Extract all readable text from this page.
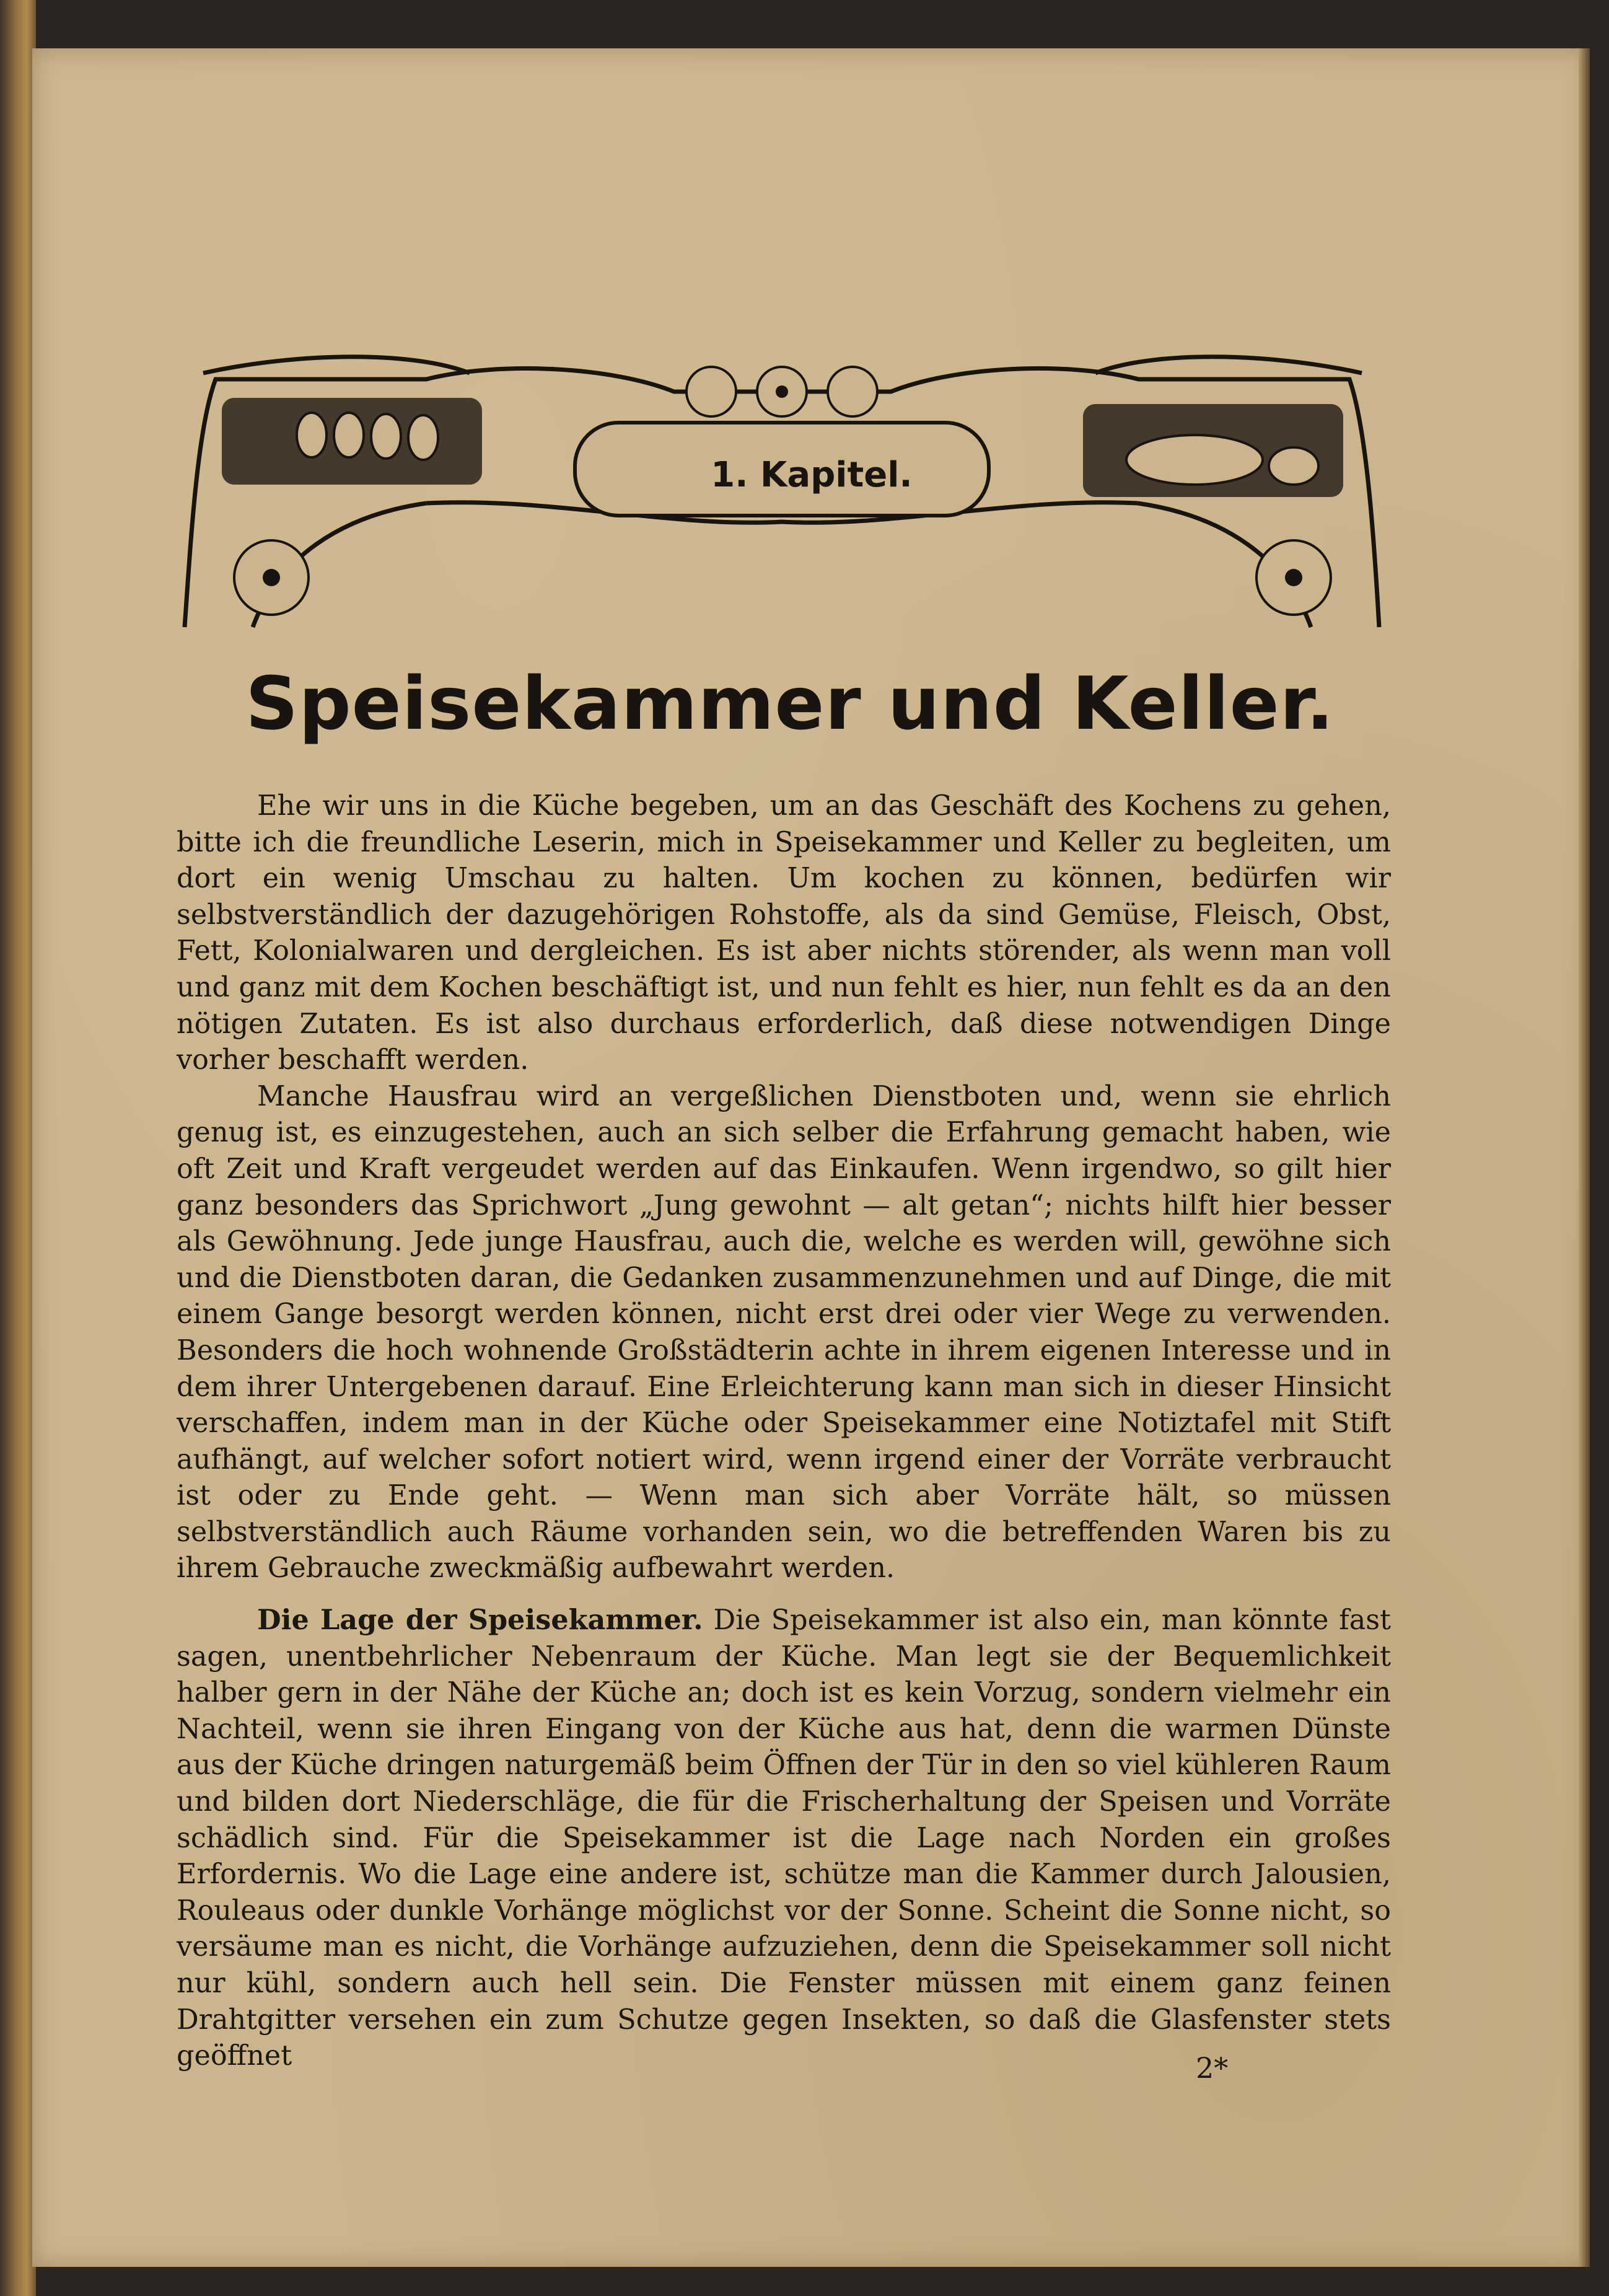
1. Kapitel.
Speisekammer und Keller.

Ehe wir uns in die Küche begeben, um an das Geschäft des Kochens zu gehen, bitte ich die freundliche Leserin, mich in Speisekammer und Keller zu begleiten, um dort ein wenig Umschau zu halten. Um kochen zu können, bedürfen wir selbstverständlich der dazugehörigen Rohstoffe, als da sind Gemüse, Fleisch, Obst, Fett, Kolonialwaren und dergleichen. Es ist aber nichts störender, als wenn man voll und ganz mit dem Kochen beschäftigt ist, und nun fehlt es hier, nun fehlt es da an den nötigen Zutaten. Es ist also durchaus erforderlich, daß diese notwendigen Dinge vorher beschafft werden.

Manche Hausfrau wird an vergeßlichen Dienstboten und, wenn sie ehrlich genug ist, es einzugestehen, auch an sich selber die Erfahrung gemacht haben, wie oft Zeit und Kraft vergeudet werden auf das Einkaufen. Wenn irgendwo, so gilt hier ganz besonders das Sprichwort „Jung gewohnt — alt getan“; nichts hilft hier besser als Gewöhnung. Jede junge Hausfrau, auch die, welche es werden will, gewöhne sich und die Dienstboten daran, die Gedanken zusammenzunehmen und auf Dinge, die mit einem Gange besorgt werden können, nicht erst drei oder vier Wege zu verwenden. Besonders die hoch wohnende Großstädterin achte in ihrem eigenen Interesse und in dem ihrer Untergebenen darauf. Eine Erleichterung kann man sich in dieser Hinsicht verschaffen, indem man in der Küche oder Speisekammer eine Notiztafel mit Stift aufhängt, auf welcher sofort notiert wird, wenn irgend einer der Vorräte verbraucht ist oder zu Ende geht. — Wenn man sich aber Vorräte hält, so müssen selbstverständlich auch Räume vorhanden sein, wo die betreffenden Waren bis zu ihrem Gebrauche zweckmäßig aufbewahrt werden.

Die Lage der Speisekammer. Die Speisekammer ist also ein, man könnte fast sagen, unentbehrlicher Nebenraum der Küche. Man legt sie der Bequemlichkeit halber gern in der Nähe der Küche an; doch ist es kein Vorzug, sondern vielmehr ein Nachteil, wenn sie ihren Eingang von der Küche aus hat, denn die warmen Dünste aus der Küche dringen naturgemäß beim Öffnen der Tür in den so viel kühleren Raum und bilden dort Niederschläge, die für die Frischerhaltung der Speisen und Vorräte schädlich sind. Für die Speisekammer ist die Lage nach Norden ein großes Erfordernis. Wo die Lage eine andere ist, schütze man die Kammer durch Jalousien, Rouleaus oder dunkle Vorhänge möglichst vor der Sonne. Scheint die Sonne nicht, so versäume man es nicht, die Vorhänge aufzuziehen, denn die Speisekammer soll nicht nur kühl, sondern auch hell sein. Die Fenster müssen mit einem ganz feinen Drahtgitter versehen ein zum Schutze gegen Insekten, so daß die Glasfenster stets geöffnet	2*
